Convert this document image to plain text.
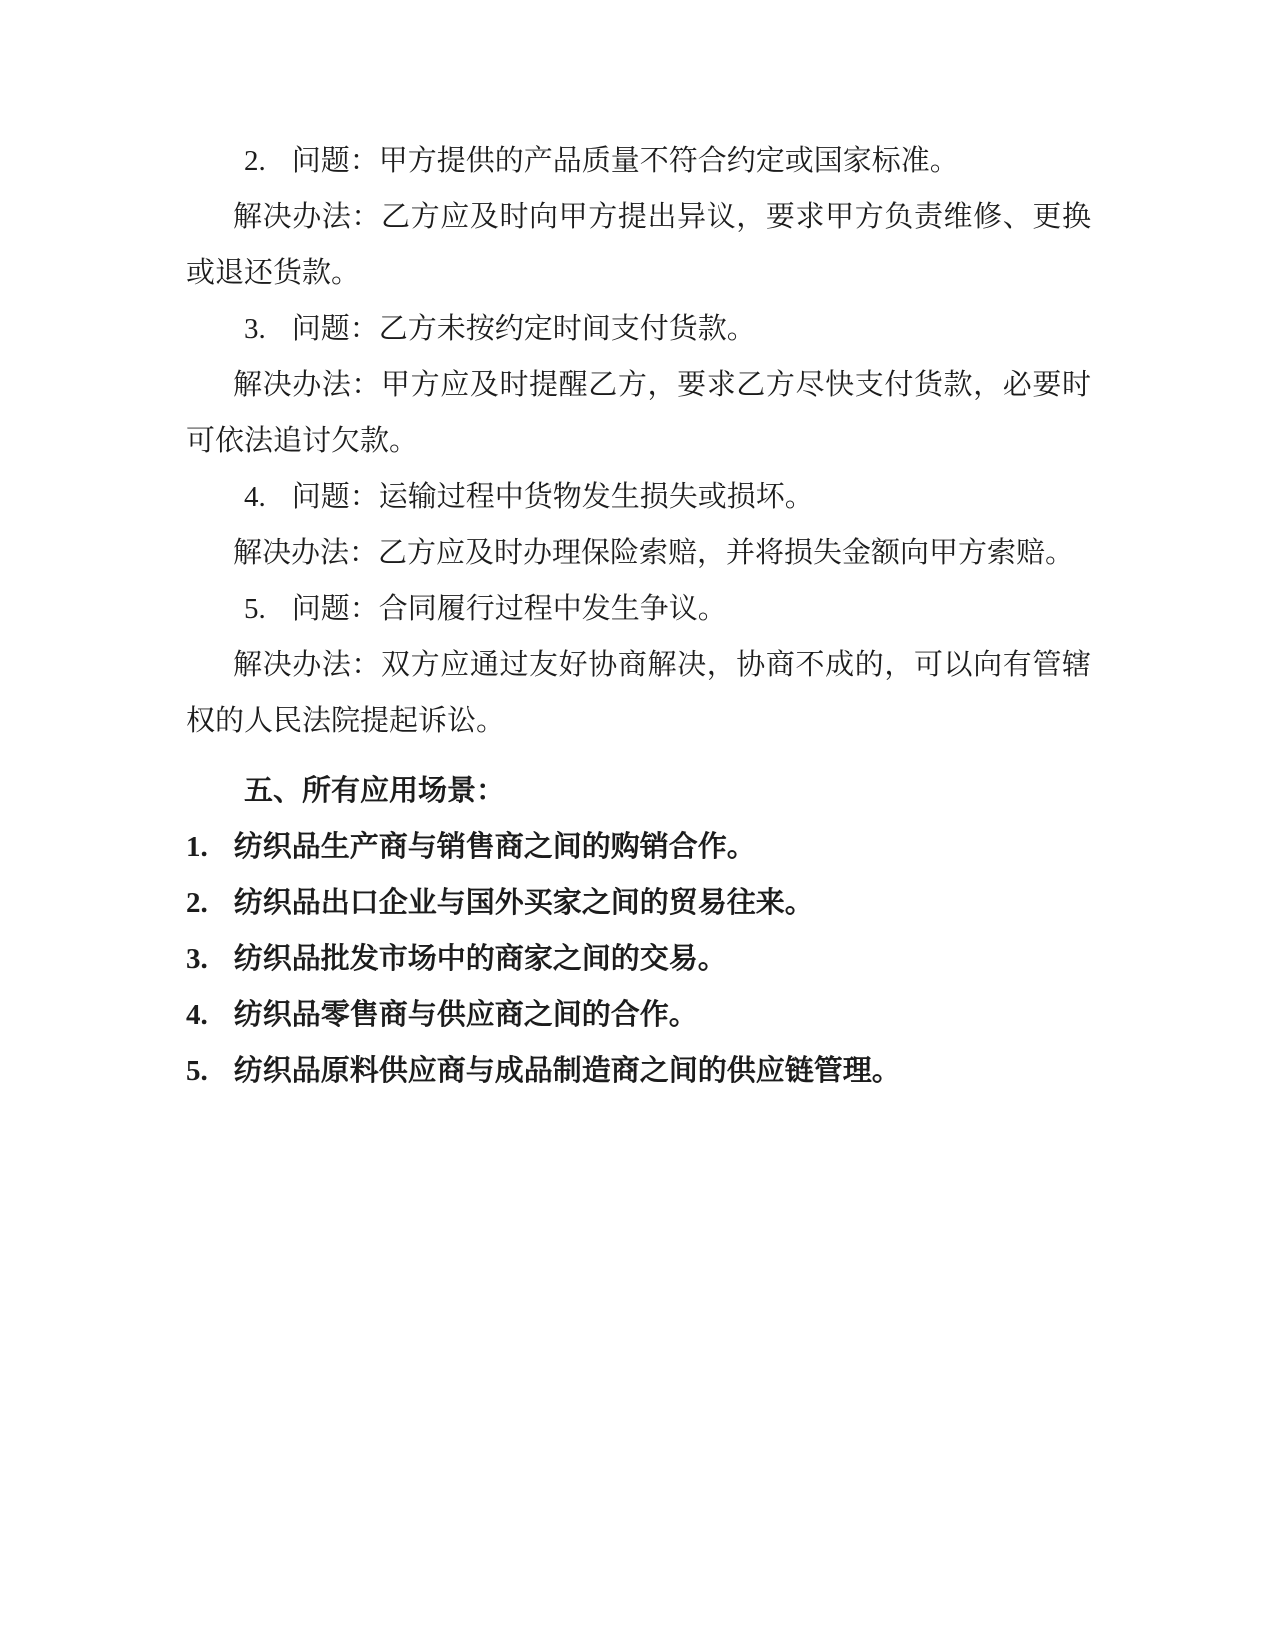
2. 问题：甲方提供的产品质量不符合约定或国家标准。

解决办法：乙方应及时向甲方提出异议，要求甲方负责维修、更换或退还货款。

3. 问题：乙方未按约定时间支付货款。

解决办法：甲方应及时提醒乙方，要求乙方尽快支付货款，必要时可依法追讨欠款。

4. 问题：运输过程中货物发生损失或损坏。

解决办法：乙方应及时办理保险索赔，并将损失金额向甲方索赔。

5. 问题：合同履行过程中发生争议。

解决办法：双方应通过友好协商解决，协商不成的，可以向有管辖权的人民法院提起诉讼。

五、所有应用场景：

1. 纺织品生产商与销售商之间的购销合作。

2. 纺织品出口企业与国外买家之间的贸易往来。

3. 纺织品批发市场中的商家之间的交易。

4. 纺织品零售商与供应商之间的合作。

5. 纺织品原料供应商与成品制造商之间的供应链管理。
